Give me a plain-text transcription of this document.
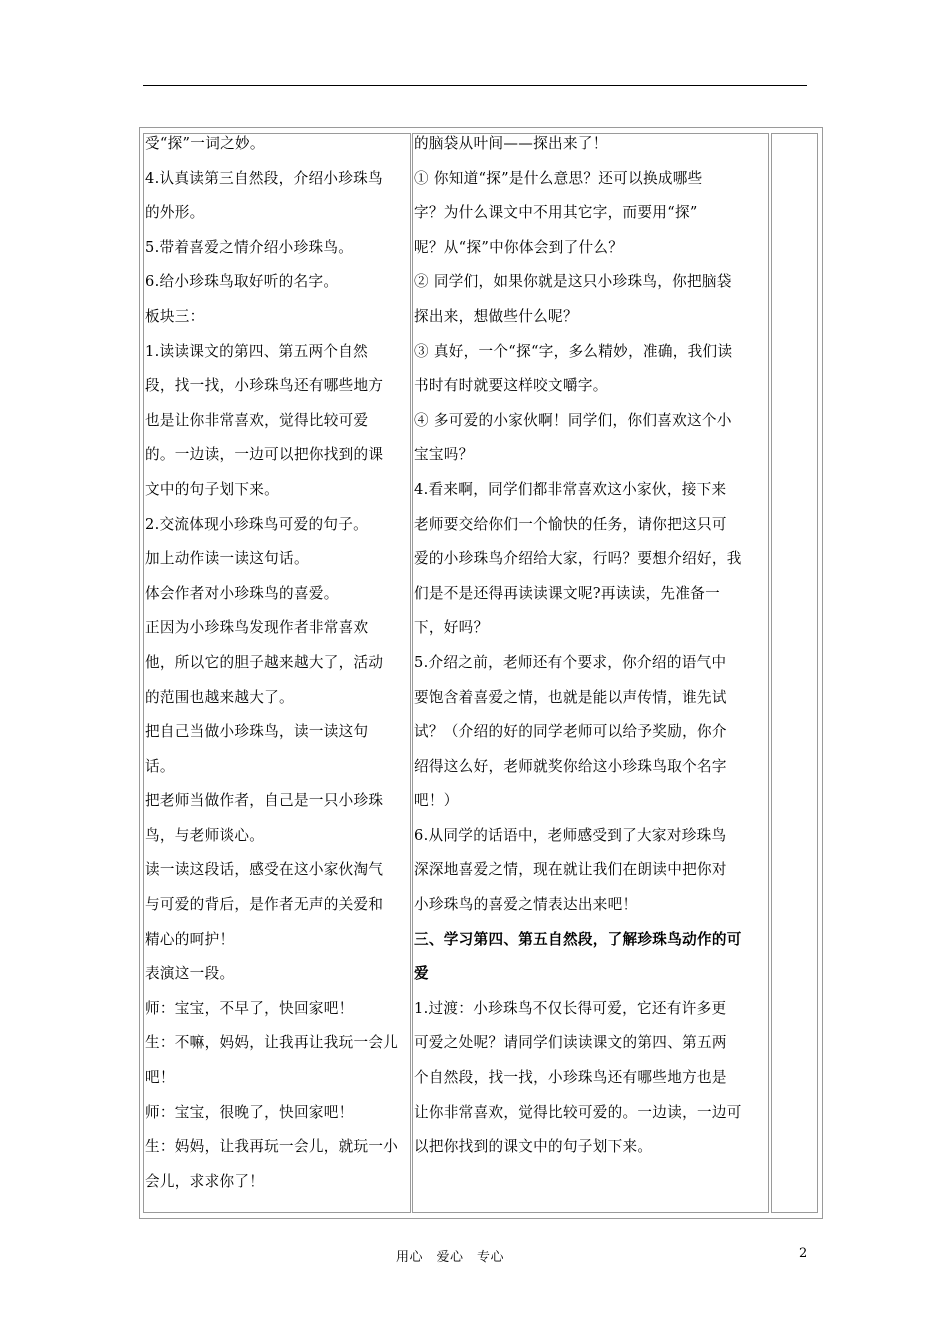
受“探”一词之妙。
4.认真读第三自然段，介绍小珍珠鸟
的外形。
5.带着喜爱之情介绍小珍珠鸟。
6.给小珍珠鸟取好听的名字。
板块三：
1.读读课文的第四、第五两个自然
段，找一找，小珍珠鸟还有哪些地方
也是让你非常喜欢，觉得比较可爱
的。一边读，一边可以把你找到的课
文中的句子划下来。
2.交流体现小珍珠鸟可爱的句子。
加上动作读一读这句话。
体会作者对小珍珠鸟的喜爱。
正因为小珍珠鸟发现作者非常喜欢
他，所以它的胆子越来越大了，活动
的范围也越来越大了。
把自己当做小珍珠鸟，读一读这句
话。
把老师当做作者，自己是一只小珍珠
鸟，与老师谈心。
读一读这段话，感受在这小家伙淘气
与可爱的背后，是作者无声的关爱和
精心的呵护！
表演这一段。
师：宝宝，不早了，快回家吧！
生：不嘛，妈妈，让我再让我玩一会儿
吧！
师：宝宝，很晚了，快回家吧！
生：妈妈，让我再玩一会儿，就玩一小
会儿，求求你了！
的脑袋从叶间——探出来了！
① 你知道“探”是什么意思？还可以换成哪些
字？为什么课文中不用其它字，而要用“探”
呢？从“探”中你体会到了什么？
② 同学们，如果你就是这只小珍珠鸟，你把脑袋
探出来，想做些什么呢？
③ 真好，一个“探“字，多么精妙，准确，我们读
书时有时就要这样咬文嚼字。
④ 多可爱的小家伙啊！同学们，你们喜欢这个小
宝宝吗？
4.看来啊，同学们都非常喜欢这小家伙，接下来
老师要交给你们一个愉快的任务，请你把这只可
爱的小珍珠鸟介绍给大家，行吗？要想介绍好，我
们是不是还得再读读课文呢?再读读，先准备一
下，好吗？
5.介绍之前，老师还有个要求，你介绍的语气中
要饱含着喜爱之情，也就是能以声传情，谁先试
试？（介绍的好的同学老师可以给予奖励，你介
绍得这么好，老师就奖你给这小珍珠鸟取个名字
吧！）
6.从同学的话语中，老师感受到了大家对珍珠鸟
深深地喜爱之情，现在就让我们在朗读中把你对
小珍珠鸟的喜爱之情表达出来吧！
三、学习第四、第五自然段，了解珍珠鸟动作的可
爱
1.过渡：小珍珠鸟不仅长得可爱，它还有许多更
可爱之处呢？请同学们读读课文的第四、第五两
个自然段，找一找，小珍珠鸟还有哪些地方也是
让你非常喜欢，觉得比较可爱的。一边读，一边可
以把你找到的课文中的句子划下来。
用心　爱心　专心	2
